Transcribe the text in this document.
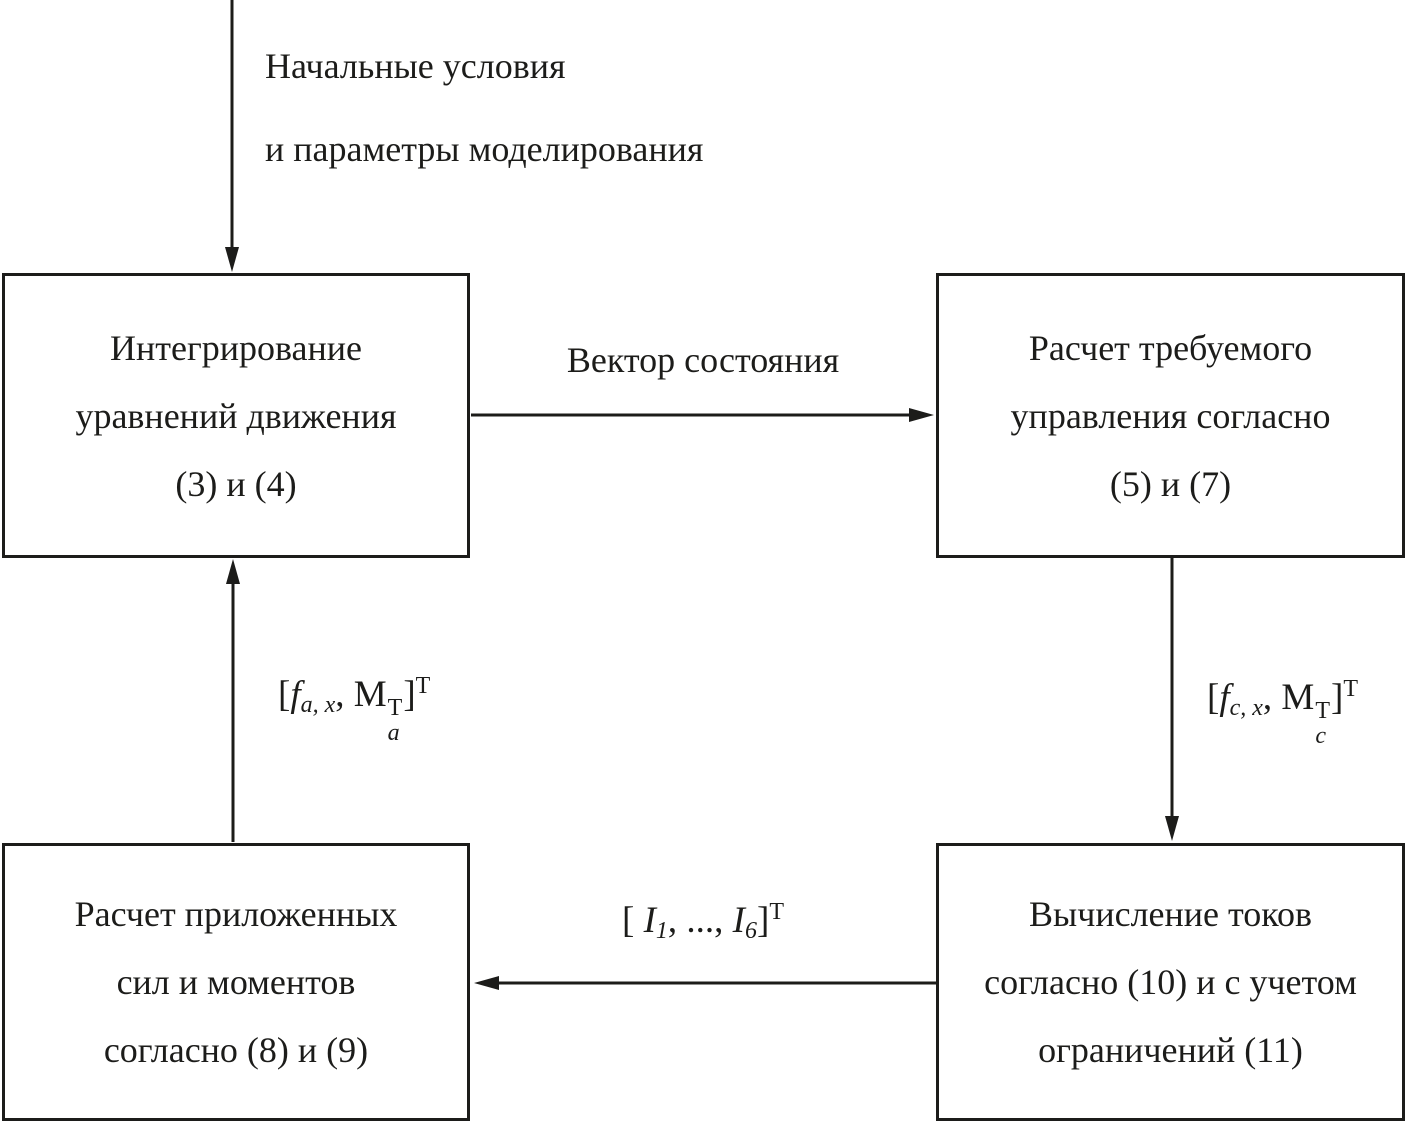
Начальные условия
и параметры моделирования
Интегрирование
уравнений движения
(3) и (4)
Расчет требуемого
управления согласно
(5) и (7)
Расчет приложенных
сил и моментов
согласно (8) и (9)
Вычисление токов
согласно (10) и с учетом
ограничений (11)
Вектор состояния
[$f_{c, x}$, M T
c
]$^T$
[$f_{a, x}$, M T
a
]$^T$
[ $I_1$, ..., $I_6]^T$
